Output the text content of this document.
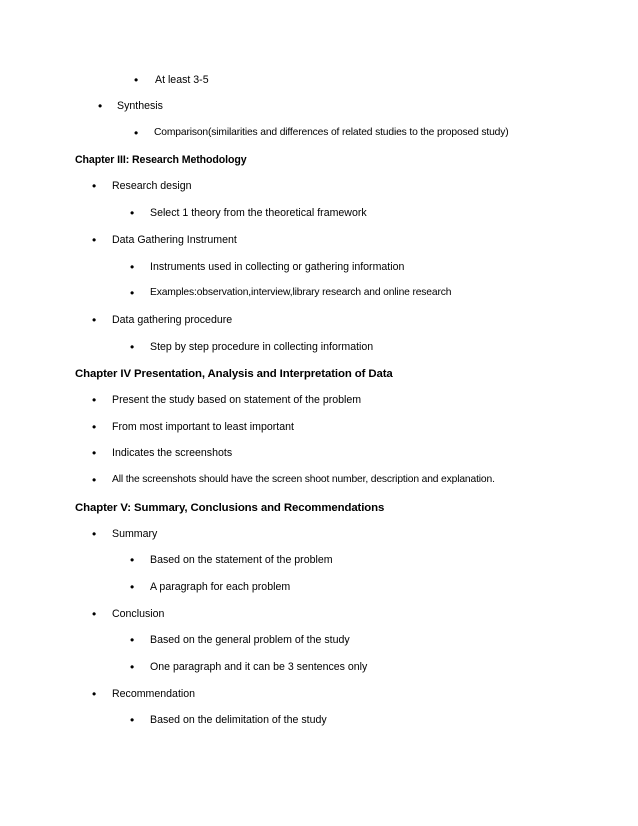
• At least 3-5
• Synthesis
• Comparison(similarities and differences of related studies to the proposed study)
Chapter III: Research Methodology
• Research design
• Select 1 theory from the theoretical framework
• Data Gathering Instrument
• Instruments used in collecting or gathering information
• Examples:observation,interview,library research and online research
• Data gathering procedure
• Step by step procedure in collecting information
Chapter IV Presentation, Analysis and Interpretation of Data
• Present the study based on statement of the problem
• From most important to least important
• Indicates the screenshots
• All the screenshots should have the screen shoot number, description and explanation.
Chapter V: Summary, Conclusions and Recommendations
• Summary
• Based on the statement of the problem
• A paragraph for each problem
• Conclusion
• Based on the general problem of the study
• One paragraph and it can be 3 sentences only
• Recommendation
• Based on the delimitation of the study
